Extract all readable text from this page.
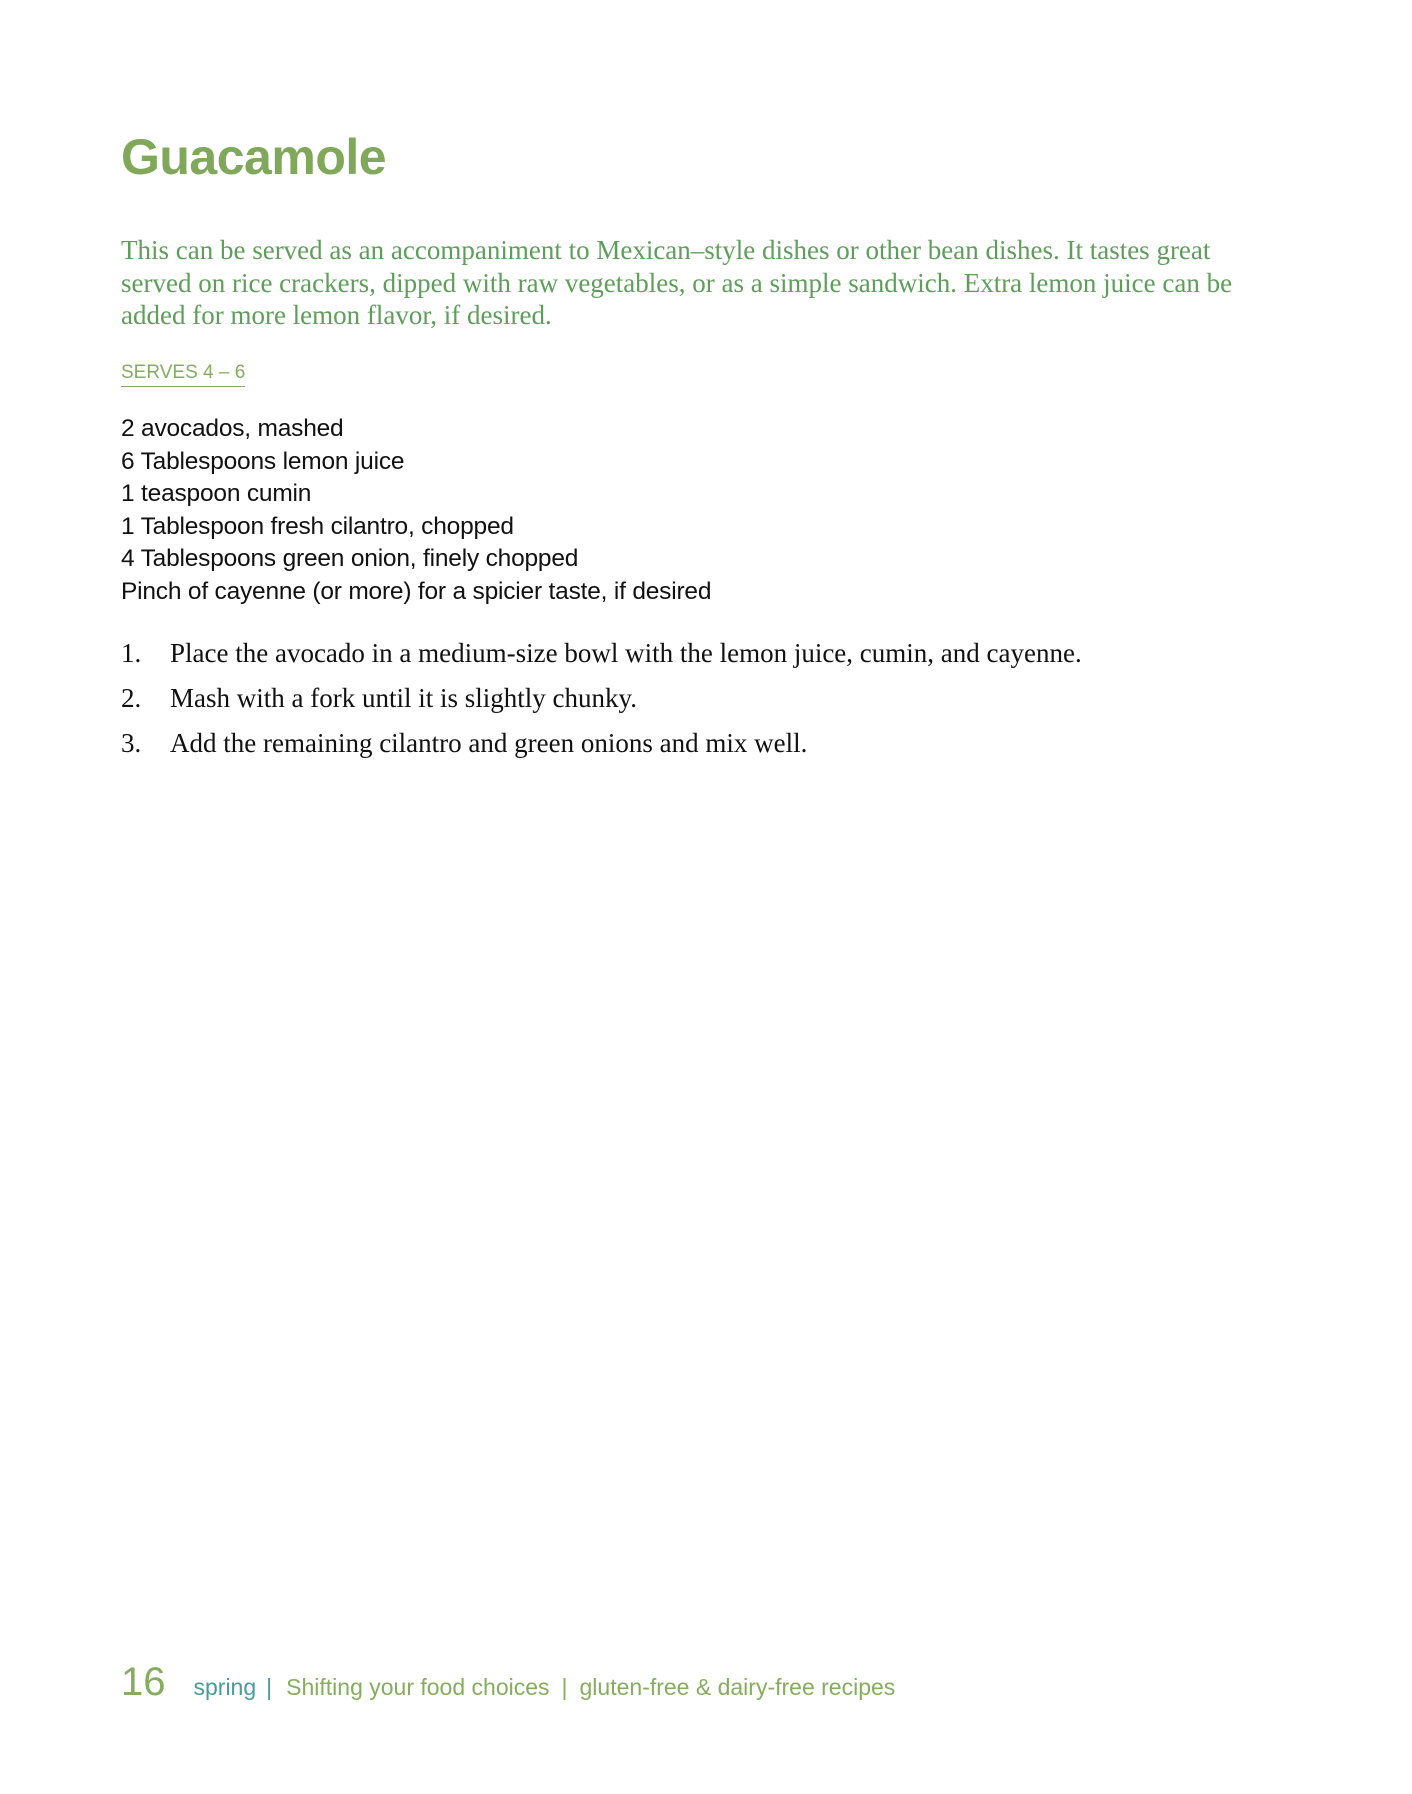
Guacamole

This can be served as an accompaniment to Mexican–style dishes or other bean dishes. It tastes great served on rice crackers, dipped with raw vegetables, or as a simple sandwich. Extra lemon juice can be added for more lemon flavor, if desired.

SERVES 4 – 6
2 avocados, mashed
6 Tablespoons lemon juice
1 teaspoon cumin
1 Tablespoon fresh cilantro, chopped
4 Tablespoons green onion, finely chopped
Pinch of cayenne (or more) for a spicier taste, if desired
1.	Place the avocado in a medium-size bowl with the lemon juice, cumin, and cayenne.
2.	Mash with a fork until it is slightly chunky.
3.	Add the remaining cilantro and green onions and mix well.
16 spring | Shifting your food choices | gluten-free & dairy-free recipes
